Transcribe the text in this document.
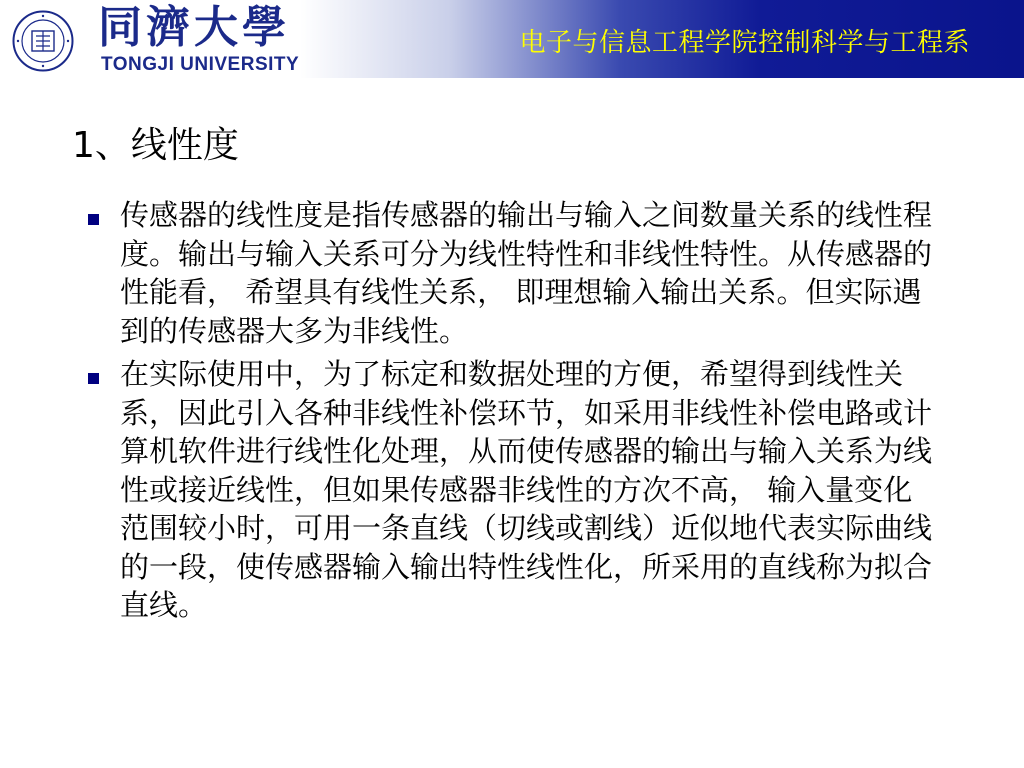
同濟大學
TONGJI UNIVERSITY
电子与信息工程学院控制科学与工程系
1、线性度
传感器的线性度是指传感器的输出与输入之间数量关系的线性程度。输出与输入关系可分为线性特性和非线性特性。从传感器的性能看， 希望具有线性关系， 即理想输入输出关系。但实际遇到的传感器大多为非线性。
在实际使用中，为了标定和数据处理的方便，希望得到线性关系，因此引入各种非线性补偿环节，如采用非线性补偿电路或计算机软件进行线性化处理，从而使传感器的输出与输入关系为线性或接近线性，但如果传感器非线性的方次不高， 输入量变化范围较小时，可用一条直线（切线或割线）近似地代表实际曲线的一段，使传感器输入输出特性线性化，所采用的直线称为拟合直线。
